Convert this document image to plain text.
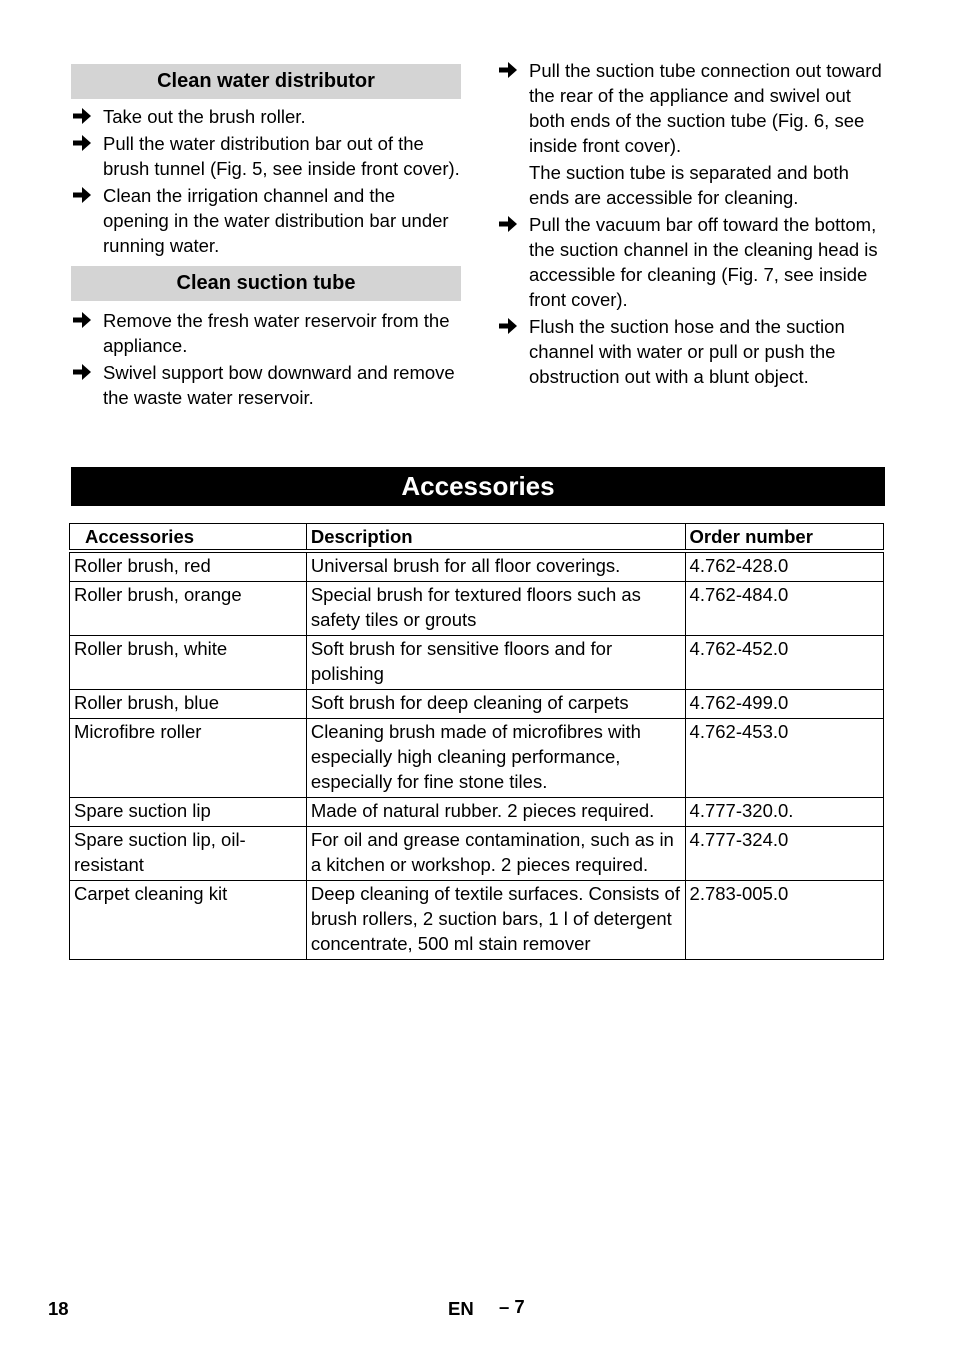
Clean water distributor
Take out the brush roller.
Pull the water distribution bar out of the brush tunnel (Fig. 5, see inside front cover).
Clean the irrigation channel and the opening in the water distribution bar under running water.
Clean suction tube
Remove the fresh water reservoir from the appliance.
Swivel support bow downward and remove the waste water reservoir.
Pull the suction tube connection out toward the rear of the appliance and swivel out both ends of the suction tube (Fig. 6, see inside front cover).
The suction tube is separated and both ends are accessible for cleaning.
Pull the vacuum bar off toward the bottom, the suction channel in the cleaning head is accessible for cleaning (Fig. 7, see inside front cover).
Flush the suction hose and the suction channel with water or pull or push the obstruction out with a blunt object.
Accessories
Accessories	Description	Order number
Roller brush, red	Universal brush for all floor coverings.	4.762-428.0
Roller brush, orange	Special brush for textured floors such as safety tiles or grouts	4.762-484.0
Roller brush, white	Soft brush for sensitive floors and for polishing	4.762-452.0
Roller brush, blue	Soft brush for deep cleaning of carpets	4.762-499.0
Microfibre roller	Cleaning brush made of microfibres with especially high cleaning performance, especially for fine stone tiles.	4.762-453.0
Spare suction lip	Made of natural rubber. 2 pieces required.	4.777-320.0.
Spare suction lip, oil-resistant	For oil and grease contamination, such as in a kitchen or workshop. 2 pieces required.	4.777-324.0
Carpet cleaning kit	Deep cleaning of textile surfaces. Consists of brush rollers, 2 suction bars, 1 l of detergent concentrate, 500 ml stain remover	2.783-005.0
18	EN – 7
